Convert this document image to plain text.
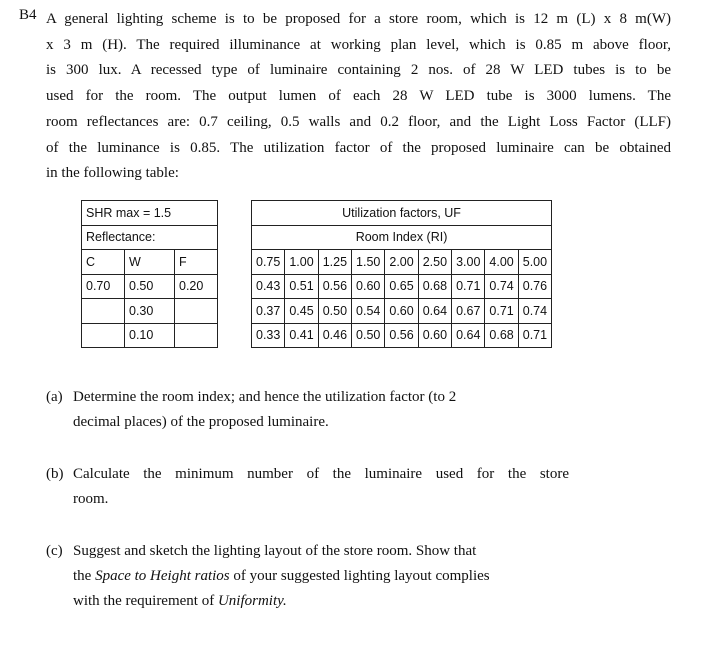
B4 A general lighting scheme is to be proposed for a store room, which is 12 m (L) x 8 m(W)
x 3 m (H). The required illuminance at working plan level, which is 0.85 m above floor,
is 300 lux. A recessed type of luminaire containing 2 nos. of 28 W LED tubes is to be
used for the room. The output lumen of each 28 W LED tube is 3000 lumens. The
room reflectances are: 0.7 ceiling, 0.5 walls and 0.2 floor, and the Light Loss Factor (LLF)
of the luminance is 0.85. The utilization factor of the proposed luminaire can be obtained
in the following table:
SHR max = 1.5				Utilization factors, UF								
Reflectance:				Room Index (RI)								
C	W	F		0.75	1.00	1.25	1.50	2.00	2.50	3.00	4.00	5.00
0.70	0.50	0.20		0.43	0.51	0.56	0.60	0.65	0.68	0.71	0.74	0.76
	0.30			0.37	0.45	0.50	0.54	0.60	0.64	0.67	0.71	0.74
	0.10			0.33	0.41	0.46	0.50	0.56	0.60	0.64	0.68	0.71
(a) Determine the room index; and hence the utilization factor (to 2
decimal places) of the proposed luminaire.
(b) Calculate the minimum number of the luminaire used for the store
room.
(c) Suggest and sketch the lighting layout of the store room. Show that
the Space to Height ratios of your suggested lighting layout complies
with the requirement of Uniformity.
